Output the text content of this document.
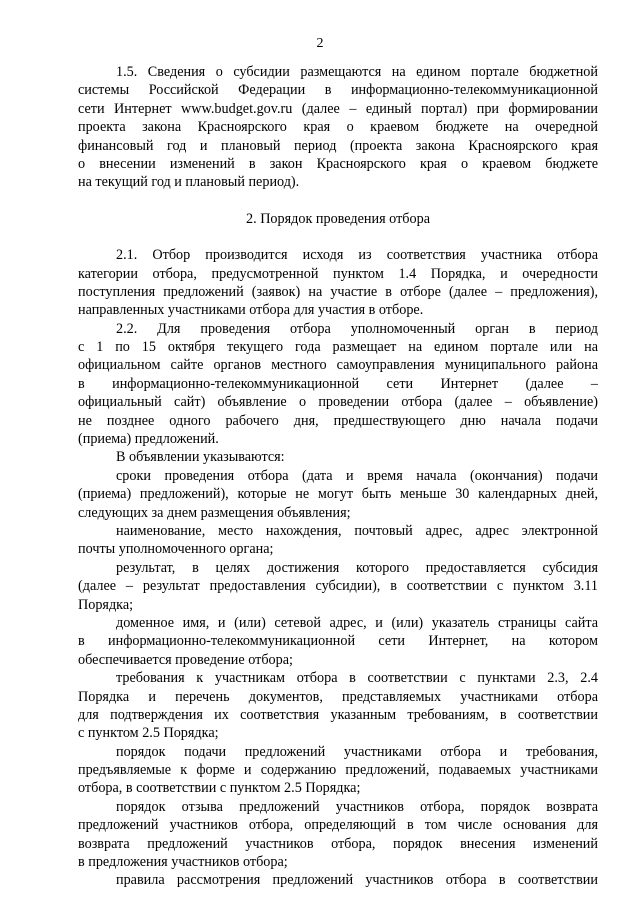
2
1.5. Сведения о субсидии размещаются на едином портале бюджетной
системы Российской Федерации в информационно-телекоммуникационной
сети Интернет www.budget.gov.ru (далее – единый портал) при формировании
проекта закона Красноярского края о краевом бюджете на очередной
финансовый год и плановый период (проекта закона Красноярского края
о внесении изменений в закон Красноярского края о краевом бюджете
на текущий год и плановый период).
2. Порядок проведения отбора
2.1. Отбор производится исходя из соответствия участника отбора
категории отбора, предусмотренной пунктом 1.4 Порядка, и очередности
поступления предложений (заявок) на участие в отборе (далее – предложения),
направленных участниками отбора для участия в отборе.
2.2. Для проведения отбора уполномоченный орган в период
с 1 по 15 октября текущего года размещает на едином портале или на
официальном сайте органов местного самоуправления муниципального района
в информационно-телекоммуникационной сети Интернет (далее –
официальный сайт) объявление о проведении отбора (далее – объявление)
не позднее одного рабочего дня, предшествующего дню начала подачи
(приема) предложений.
В объявлении указываются:
сроки проведения отбора (дата и время начала (окончания) подачи
(приема) предложений), которые не могут быть меньше 30 календарных дней,
следующих за днем размещения объявления;
наименование, место нахождения, почтовый адрес, адрес электронной
почты уполномоченного органа;
результат, в целях достижения которого предоставляется субсидия
(далее – результат предоставления субсидии), в соответствии с пунктом 3.11
Порядка;
доменное имя, и (или) сетевой адрес, и (или) указатель страницы сайта
в информационно-телекоммуникационной сети Интернет, на котором
обеспечивается проведение отбора;
требования к участникам отбора в соответствии с пунктами 2.3, 2.4
Порядка и перечень документов, представляемых участниками отбора
для подтверждения их соответствия указанным требованиям, в соответствии
с пунктом 2.5 Порядка;
порядок подачи предложений участниками отбора и требования,
предъявляемые к форме и содержанию предложений, подаваемых участниками
отбора, в соответствии с пунктом 2.5 Порядка;
порядок отзыва предложений участников отбора, порядок возврата
предложений участников отбора, определяющий в том числе основания для
возврата предложений участников отбора, порядок внесения изменений
в предложения участников отбора;
правила рассмотрения предложений участников отбора в соответствии
